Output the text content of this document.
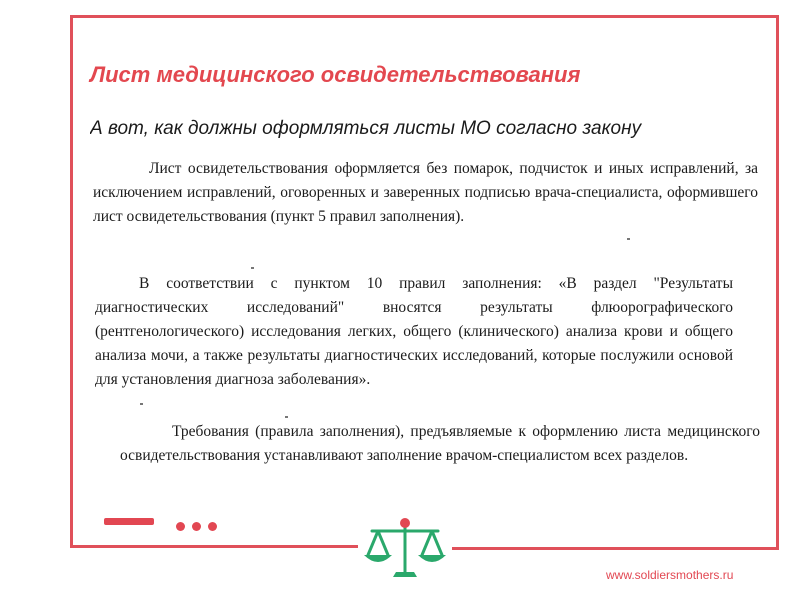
Лист медицинского освидетельствования
А вот, как должны оформляться листы МО согласно закону

Лист освидетельствования оформляется без помарок, подчисток и иных исправлений, за исключением исправлений, оговоренных и заверенных подписью врача-специалиста, оформившего лист освидетельствования (пункт 5 правил заполнения).

В соответствии с пунктом 10 правил заполнения: «В раздел "Результаты диагностических исследований" вносятся результаты флюорографического (рентгенологического) исследования легких, общего (клинического) анализа крови и общего анализа мочи, а также результаты диагностических исследований, которые послужили основой для установления диагноза заболевания».

Требования (правила заполнения), предъявляемые к оформлению листа медицинского освидетельствования устанавливают заполнение врачом-специалистом всех разделов.

www.soldiersmothers.ru
